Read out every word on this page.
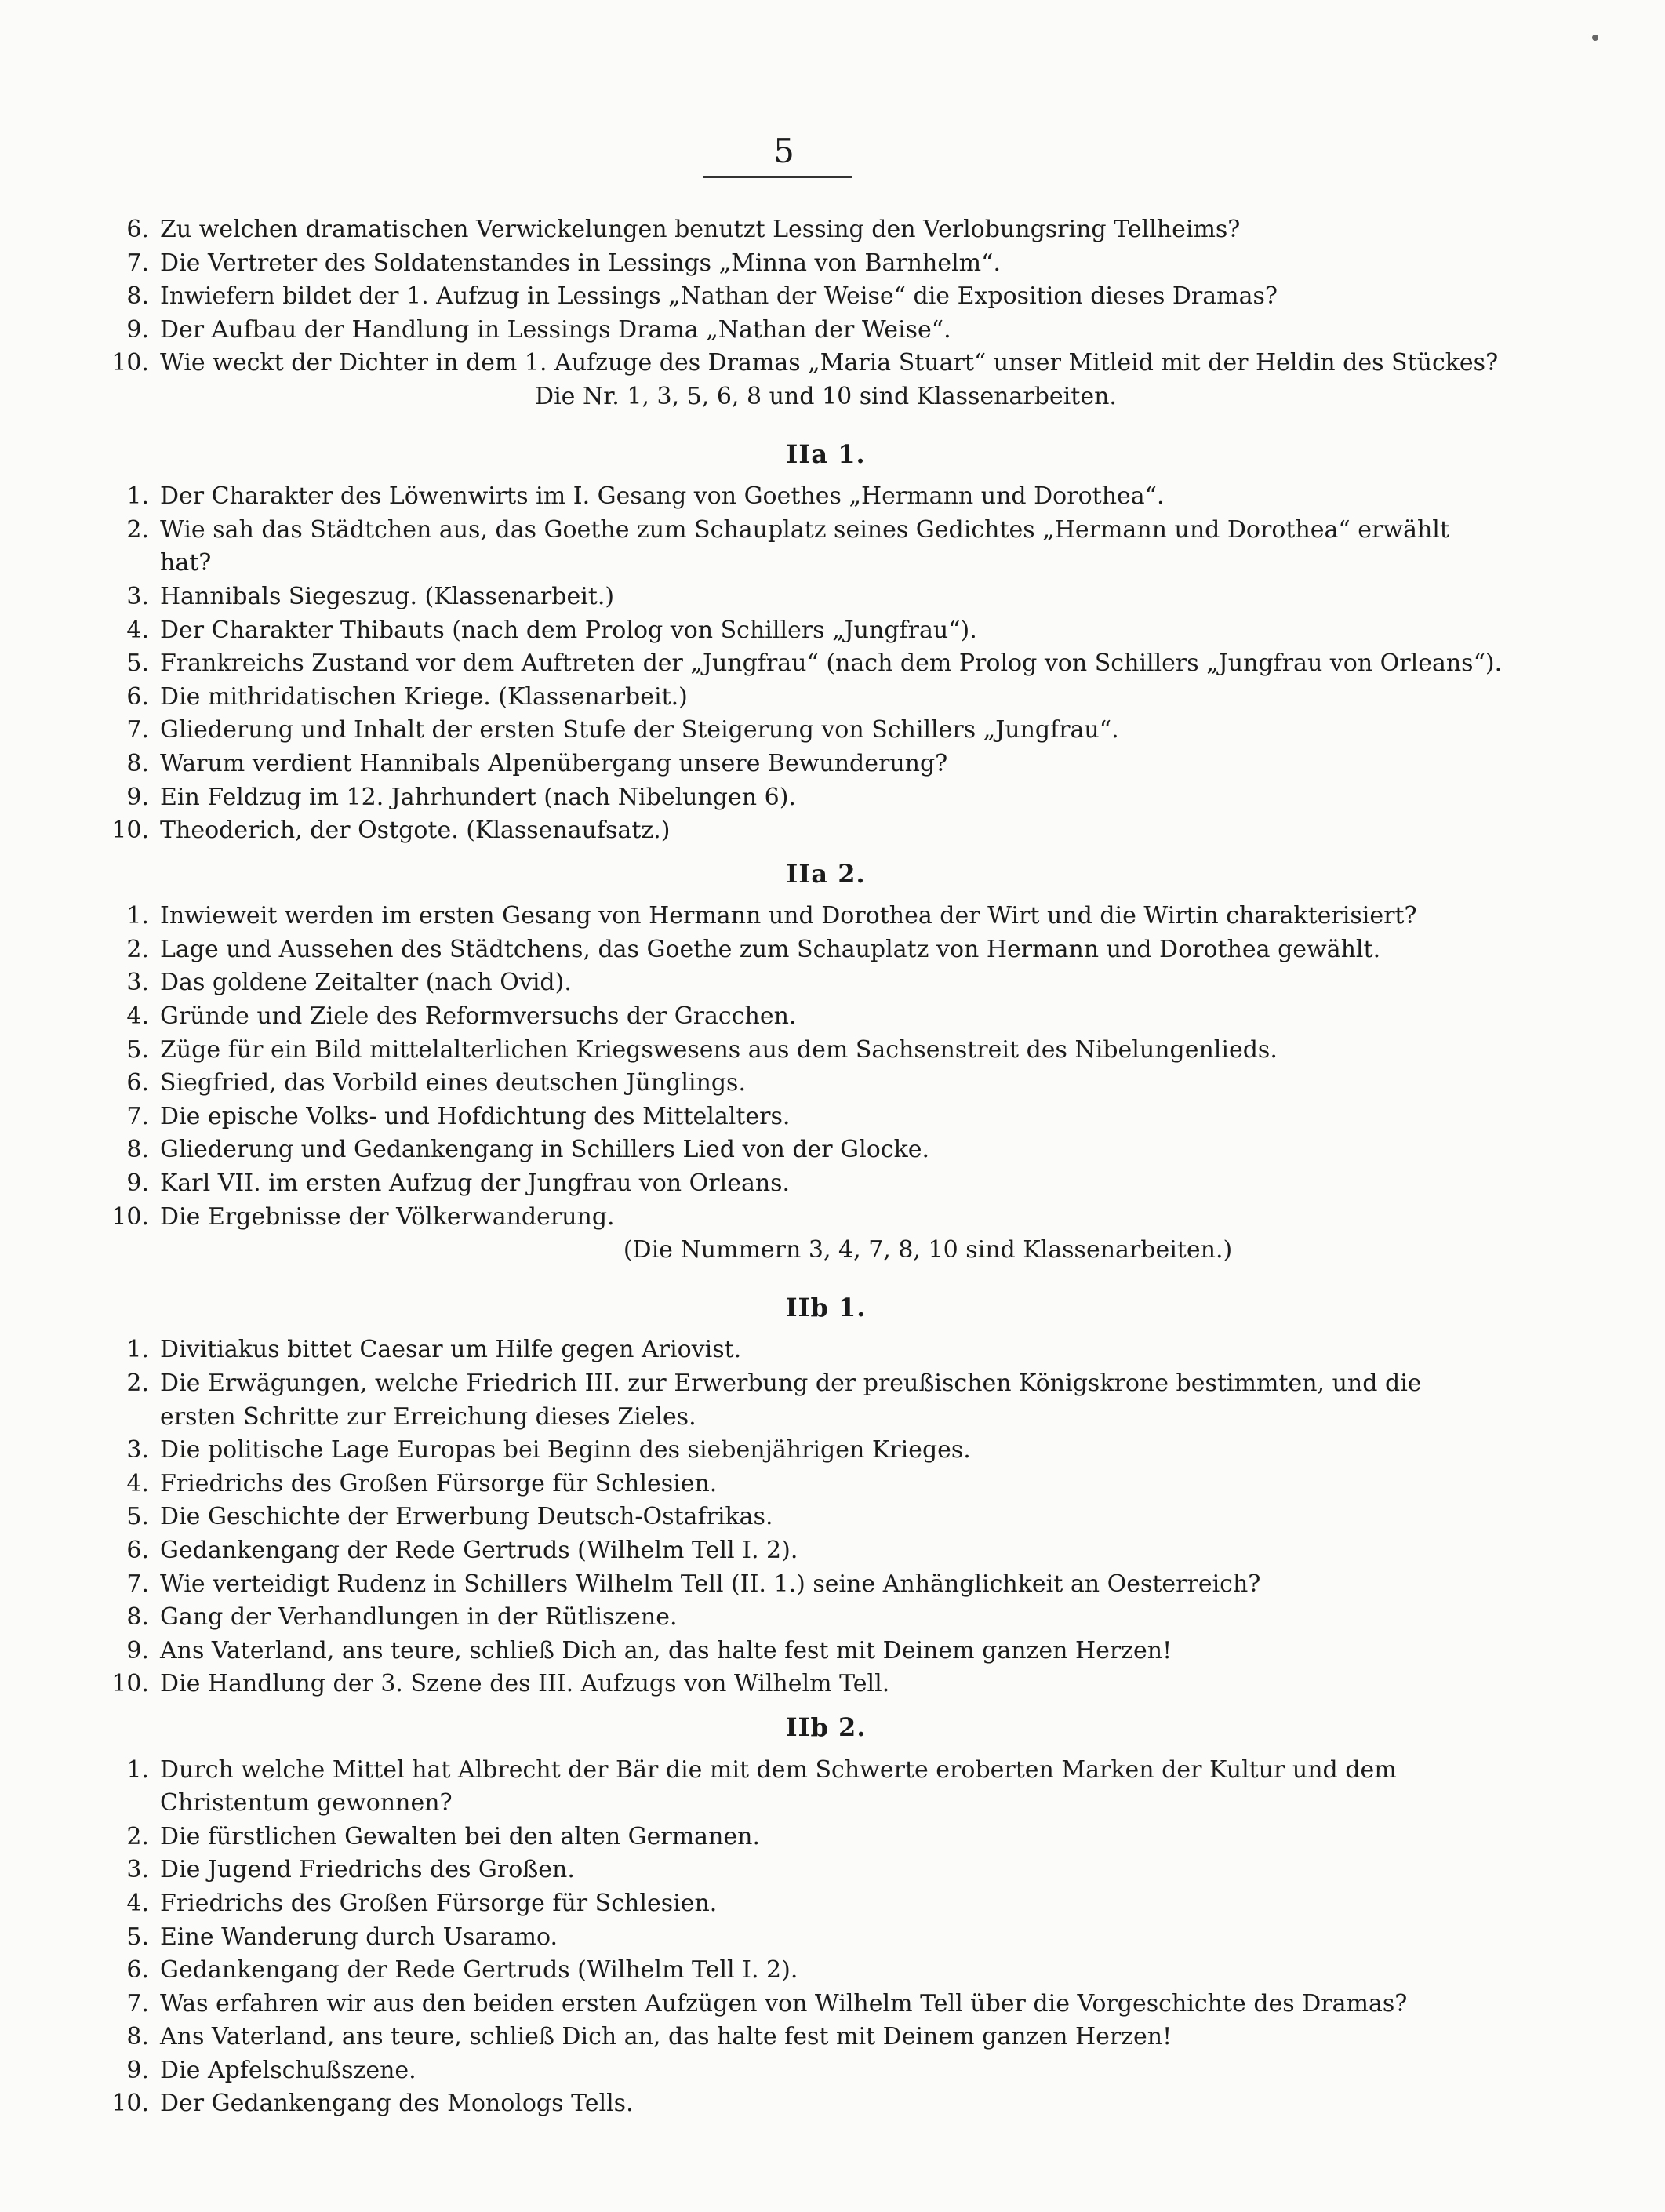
5
6. Zu welchen dramatischen Verwickelungen benutzt Lessing den Verlobungsring Tellheims?
7. Die Vertreter des Soldatenstandes in Lessings „Minna von Barnhelm“.
8. Inwiefern bildet der 1. Aufzug in Lessings „Nathan der Weise“ die Exposition dieses Dramas?
9. Der Aufbau der Handlung in Lessings Drama „Nathan der Weise“.
10. Wie weckt der Dichter in dem 1. Aufzuge des Dramas „Maria Stuart“ unser Mitleid mit der Heldin des Stückes?
Die Nr. 1, 3, 5, 6, 8 und 10 sind Klassenarbeiten.
IIa 1.
1. Der Charakter des Löwenwirts im I. Gesang von Goethes „Hermann und Dorothea“.
2. Wie sah das Städtchen aus, das Goethe zum Schauplatz seines Gedichtes „Hermann und Dorothea“ erwählt hat?
3. Hannibals Siegeszug. (Klassenarbeit.)
4. Der Charakter Thibauts (nach dem Prolog von Schillers „Jungfrau“).
5. Frankreichs Zustand vor dem Auftreten der „Jungfrau“ (nach dem Prolog von Schillers „Jungfrau von Orleans“).
6. Die mithridatischen Kriege. (Klassenarbeit.)
7. Gliederung und Inhalt der ersten Stufe der Steigerung von Schillers „Jungfrau“.
8. Warum verdient Hannibals Alpenübergang unsere Bewunderung?
9. Ein Feldzug im 12. Jahrhundert (nach Nibelungen 6).
10. Theoderich, der Ostgote. (Klassenaufsatz.)
IIa 2.
1. Inwieweit werden im ersten Gesang von Hermann und Dorothea der Wirt und die Wirtin charakterisiert?
2. Lage und Aussehen des Städtchens, das Goethe zum Schauplatz von Hermann und Dorothea gewählt.
3. Das goldene Zeitalter (nach Ovid).
4. Gründe und Ziele des Reformversuchs der Gracchen.
5. Züge für ein Bild mittelalterlichen Kriegswesens aus dem Sachsenstreit des Nibelungenlieds.
6. Siegfried, das Vorbild eines deutschen Jünglings.
7. Die epische Volks- und Hofdichtung des Mittelalters.
8. Gliederung und Gedankengang in Schillers Lied von der Glocke.
9. Karl VII. im ersten Aufzug der Jungfrau von Orleans.
10. Die Ergebnisse der Völkerwanderung.
(Die Nummern 3, 4, 7, 8, 10 sind Klassenarbeiten.)
IIb 1.
1. Divitiakus bittet Caesar um Hilfe gegen Ariovist.
2. Die Erwägungen, welche Friedrich III. zur Erwerbung der preußischen Königskrone bestimmten, und die ersten Schritte zur Erreichung dieses Zieles.
3. Die politische Lage Europas bei Beginn des siebenjährigen Krieges.
4. Friedrichs des Großen Fürsorge für Schlesien.
5. Die Geschichte der Erwerbung Deutsch-Ostafrikas.
6. Gedankengang der Rede Gertruds (Wilhelm Tell I. 2).
7. Wie verteidigt Rudenz in Schillers Wilhelm Tell (II. 1.) seine Anhänglichkeit an Oesterreich?
8. Gang der Verhandlungen in der Rütliszene.
9. Ans Vaterland, ans teure, schließ Dich an, das halte fest mit Deinem ganzen Herzen!
10. Die Handlung der 3. Szene des III. Aufzugs von Wilhelm Tell.
IIb 2.
1. Durch welche Mittel hat Albrecht der Bär die mit dem Schwerte eroberten Marken der Kultur und dem Christentum gewonnen?
2. Die fürstlichen Gewalten bei den alten Germanen.
3. Die Jugend Friedrichs des Großen.
4. Friedrichs des Großen Fürsorge für Schlesien.
5. Eine Wanderung durch Usaramo.
6. Gedankengang der Rede Gertruds (Wilhelm Tell I. 2).
7. Was erfahren wir aus den beiden ersten Aufzügen von Wilhelm Tell über die Vorgeschichte des Dramas?
8. Ans Vaterland, ans teure, schließ Dich an, das halte fest mit Deinem ganzen Herzen!
9. Die Apfelschußszene.
10. Der Gedankengang des Monologs Tells.
